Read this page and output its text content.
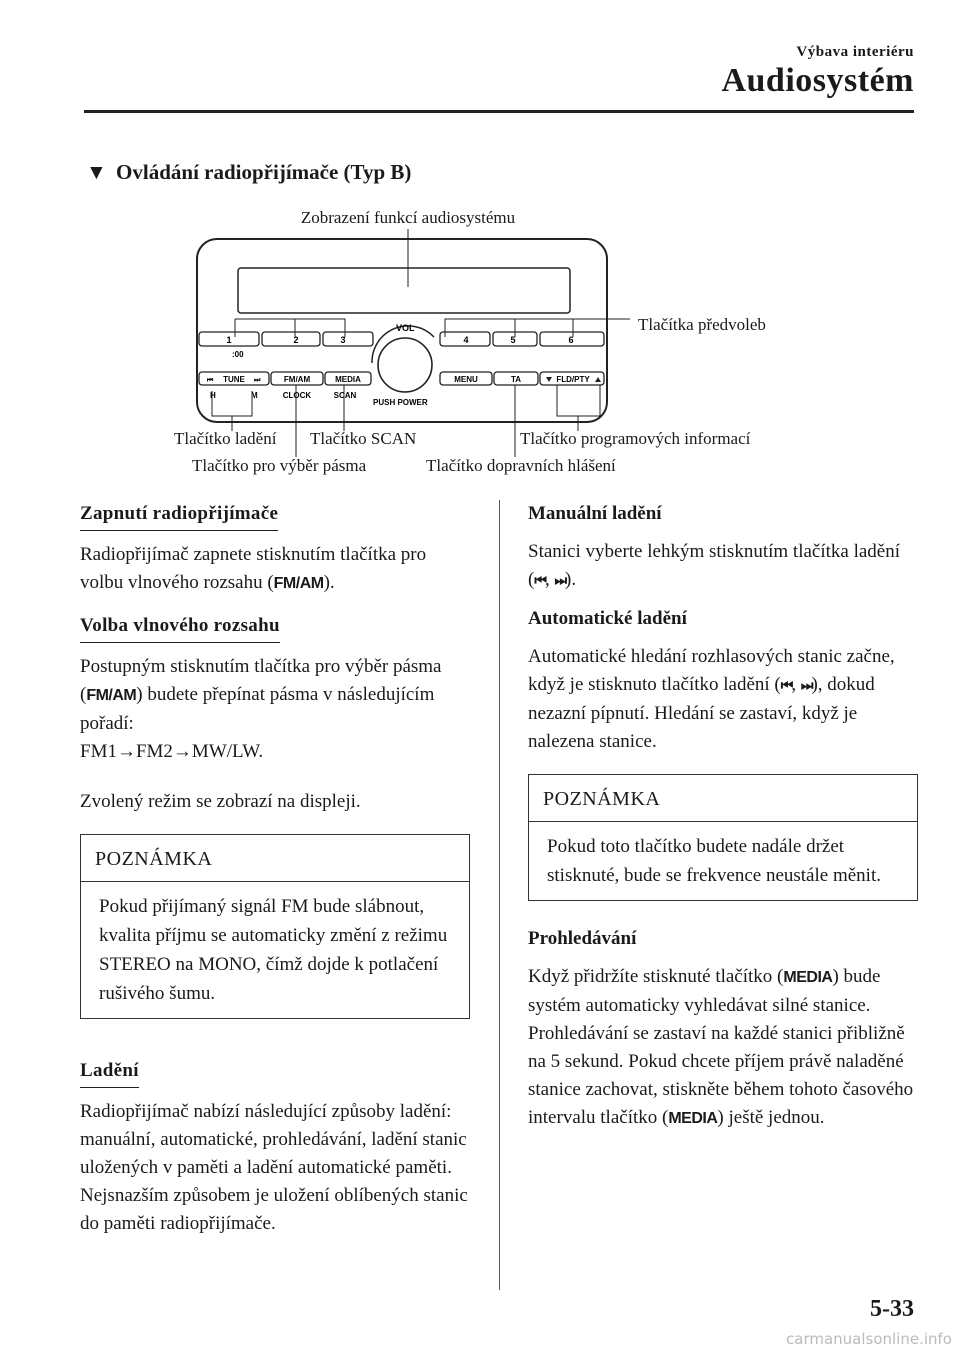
Výbava interiéru
Audiosystém
▼ Ovládání radiopřijímače (Typ B)
Zobrazení funkcí audiosystému
Tlačítka předvoleb
Tlačítko ladění Tlačítko SCAN	Tlačítko programových informací
Tlačítko pro výběr pásma	Tlačítko dopravních hlášení
1	2	3
:00
4	5	6
VOL
PUSH POWER
⏮ TUNE ⏭	FM/AM	MEDIA
H	M	CLOCK	SCAN
MENU	TA	FLD/PTY
Zapnutí radiopřijímače

Radiopřijímač zapnete stisknutím tlačítka pro volbu vlnového rozsahu (FM/AM).

Volba vlnového rozsahu

Postupným stisknutím tlačítka pro výběr pásma (FM/AM) budete přepínat pásma v následujícím pořadí:
FM1→FM2→MW/LW.

Zvolený režim se zobrazí na displeji.

POZNÁMKA
Pokud přijímaný signál FM bude slábnout, kvalita příjmu se automaticky změní z režimu STEREO na MONO, čímž dojde k potlačení rušivého šumu.
Ladění

Radiopřijímač nabízí následující způsoby ladění: manuální, automatické, prohledávání, ladění stanic uložených v paměti a ladění automatické paměti. Nejsnazším způsobem je uložení oblíbených stanic do paměti radiopřijímače.

Manuální ladění

Stanici vyberte lehkým stisknutím tlačítka ladění (⏮, ⏭).

Automatické ladění

Automatické hledání rozhlasových stanic začne, když je stisknuto tlačítko ladění (⏮, ⏭), dokud nezazní pípnutí. Hledání se zastaví, když je nalezena stanice.

POZNÁMKA
Pokud toto tlačítko budete nadále držet stisknuté, bude se frekvence neustále měnit.
Prohledávání

Když přidržíte stisknuté tlačítko (MEDIA) bude systém automaticky vyhledávat silné stanice. Prohledávání se zastaví na každé stanici přibližně na 5 sekund. Pokud chcete příjem právě naladěné stanice zachovat, stiskněte během tohoto časového intervalu tlačítko (MEDIA) ještě jednou.

5-33
carmanualsonline.info
